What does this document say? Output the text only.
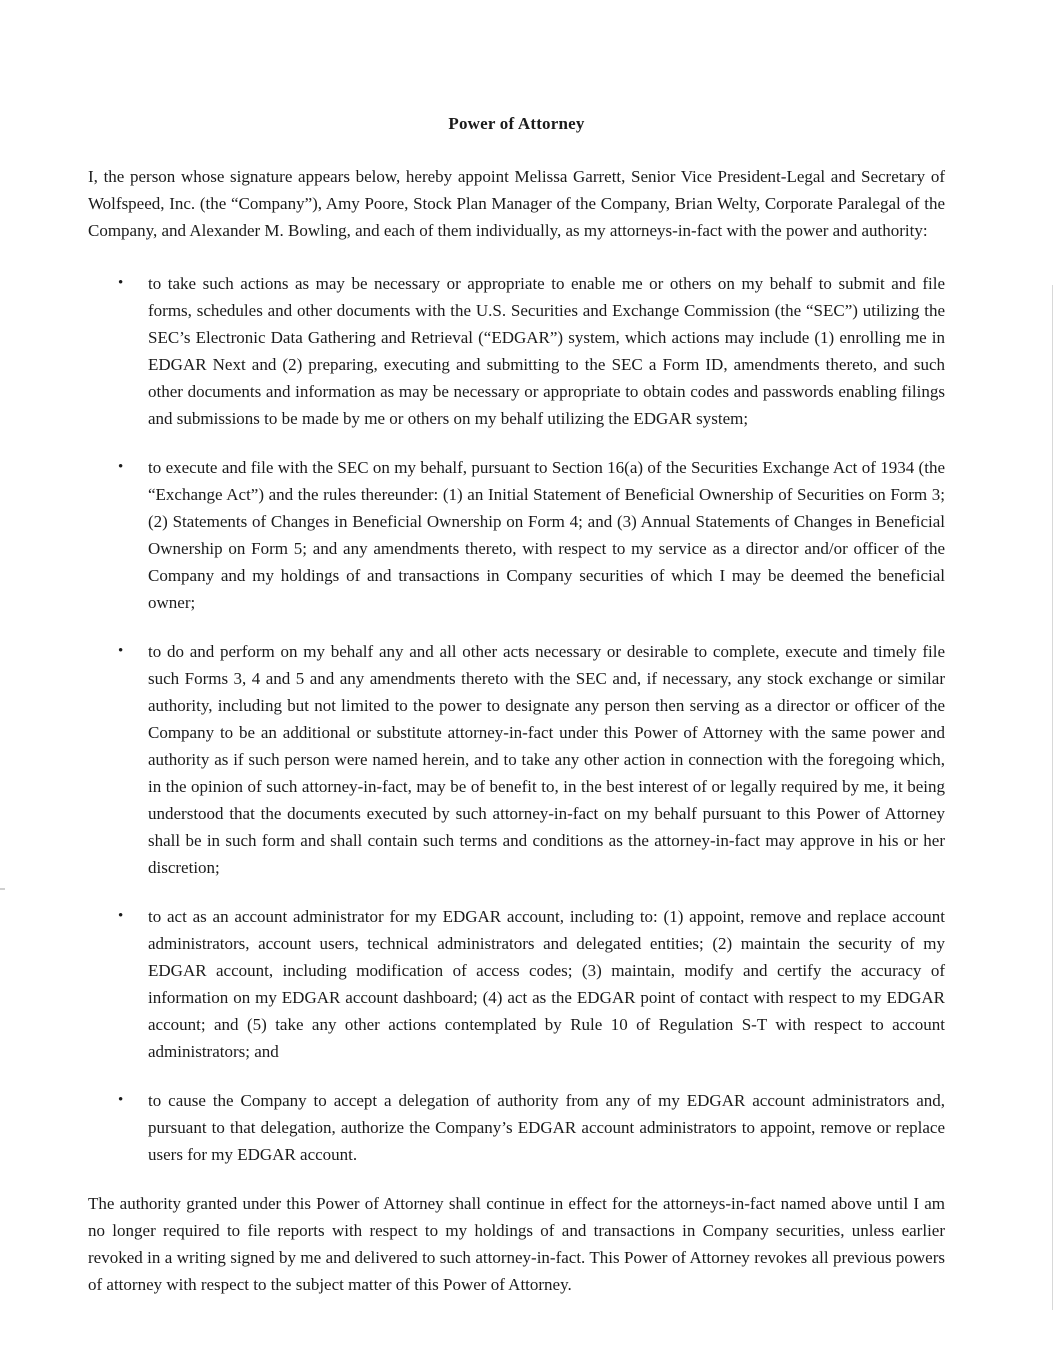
Power of Attorney

I, the person whose signature appears below, hereby appoint Melissa Garrett, Senior Vice President-Legal and Secretary of Wolfspeed, Inc. (the “Company”), Amy Poore, Stock Plan Manager of the Company, Brian Welty, Corporate Paralegal of the Company, and Alexander M. Bowling, and each of them individually, as my attorneys-in-fact with the power and authority:

• to take such actions as may be necessary or appropriate to enable me or others on my behalf to submit and file forms, schedules and other documents with the U.S. Securities and Exchange Commission (the “SEC”) utilizing the SEC’s Electronic Data Gathering and Retrieval (“EDGAR”) system, which actions may include (1) enrolling me in EDGAR Next and (2) preparing, executing and submitting to the SEC a Form ID, amendments thereto, and such other documents and information as may be necessary or appropriate to obtain codes and passwords enabling filings and submissions to be made by me or others on my behalf utilizing the EDGAR system;
• to execute and file with the SEC on my behalf, pursuant to Section 16(a) of the Securities Exchange Act of 1934 (the “Exchange Act”) and the rules thereunder: (1) an Initial Statement of Beneficial Ownership of Securities on Form 3; (2) Statements of Changes in Beneficial Ownership on Form 4; and (3) Annual Statements of Changes in Beneficial Ownership on Form 5; and any amendments thereto, with respect to my service as a director and/or officer of the Company and my holdings of and transactions in Company securities of which I may be deemed the beneficial owner;
• to do and perform on my behalf any and all other acts necessary or desirable to complete, execute and timely file such Forms 3, 4 and 5 and any amendments thereto with the SEC and, if necessary, any stock exchange or similar authority, including but not limited to the power to designate any person then serving as a director or officer of the Company to be an additional or substitute attorney-in-fact under this Power of Attorney with the same power and authority as if such person were named herein, and to take any other action in connection with the foregoing which, in the opinion of such attorney-in-fact, may be of benefit to, in the best interest of or legally required by me, it being understood that the documents executed by such attorney-in-fact on my behalf pursuant to this Power of Attorney shall be in such form and shall contain such terms and conditions as the attorney-in-fact may approve in his or her discretion;
• to act as an account administrator for my EDGAR account, including to: (1) appoint, remove and replace account administrators, account users, technical administrators and delegated entities; (2) maintain the security of my EDGAR account, including modification of access codes; (3) maintain, modify and certify the accuracy of information on my EDGAR account dashboard; (4) act as the EDGAR point of contact with respect to my EDGAR account; and (5) take any other actions contemplated by Rule 10 of Regulation S-T with respect to account administrators; and
• to cause the Company to accept a delegation of authority from any of my EDGAR account administrators and, pursuant to that delegation, authorize the Company’s EDGAR account administrators to appoint, remove or replace users for my EDGAR account.

The authority granted under this Power of Attorney shall continue in effect for the attorneys-in-fact named above until I am no longer required to file reports with respect to my holdings of and transactions in Company securities, unless earlier revoked in a writing signed by me and delivered to such attorney-in-fact. This Power of Attorney revokes all previous powers of attorney with respect to the subject matter of this Power of Attorney.
